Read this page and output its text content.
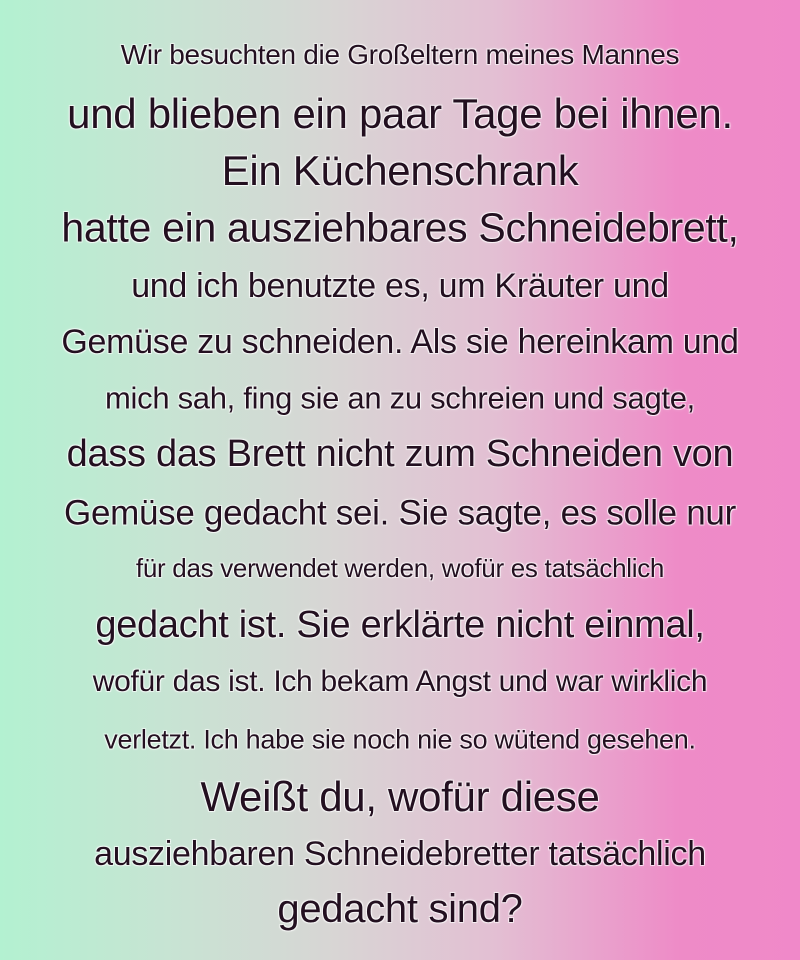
Wir besuchten die Großeltern meines Mannes
und blieben ein paar Tage bei ihnen.
Ein Küchenschrank
hatte ein ausziehbares Schneidebrett,
und ich benutzte es, um Kräuter und
Gemüse zu schneiden. Als sie hereinkam und
mich sah, fing sie an zu schreien und sagte,
dass das Brett nicht zum Schneiden von
Gemüse gedacht sei. Sie sagte, es solle nur
für das verwendet werden, wofür es tatsächlich
gedacht ist. Sie erklärte nicht einmal,
wofür das ist. Ich bekam Angst und war wirklich
verletzt. Ich habe sie noch nie so wütend gesehen.
Weißt du, wofür diese
ausziehbaren Schneidebretter tatsächlich
gedacht sind?
